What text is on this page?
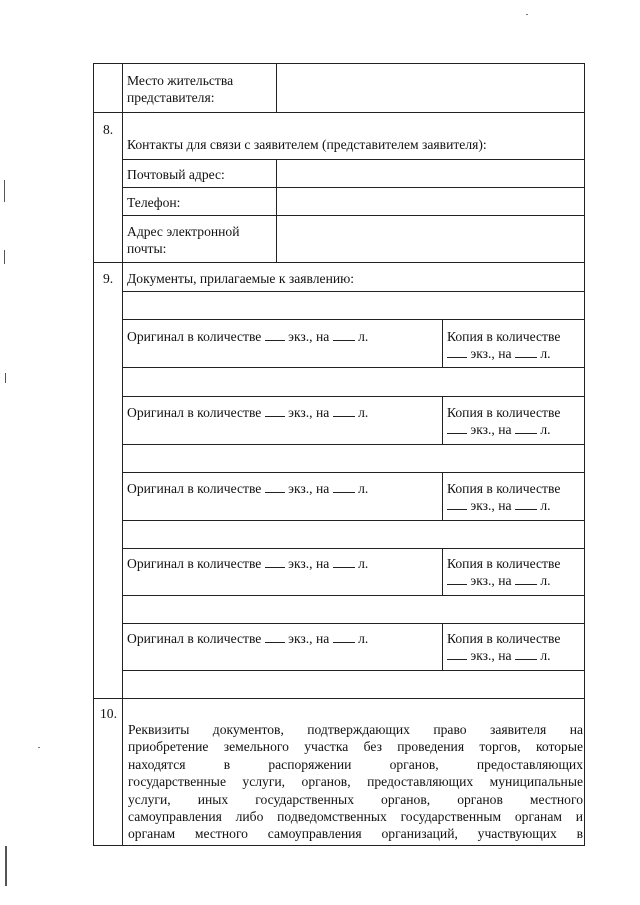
Место жительства
представителя:
8.
Контакты для связи с заявителем (представителем заявителя):
Почтовый адрес:
Телефон:
Адрес электронной
почты:
9. Документы, прилагаемые к заявлению:
Оригинал в количестве экз., на л.	Копия в количестве
экз., на л.
Оригинал в количестве экз., на л.	Копия в количестве
экз., на л.
Оригинал в количестве экз., на л.	Копия в количестве
экз., на л.
Оригинал в количестве экз., на л.	Копия в количестве
экз., на л.
Оригинал в количестве экз., на л.	Копия в количестве
экз., на л.
10.
Реквизиты документов, подтверждающих право заявителя на
приобретение земельного участка без проведения торгов, которые
находятся в распоряжении органов, предоставляющих
государственные услуги, органов, предоставляющих муниципальные
услуги, иных государственных органов, органов местного
самоуправления либо подведомственных государственным органам и
органам местного самоуправления организаций, участвующих в
